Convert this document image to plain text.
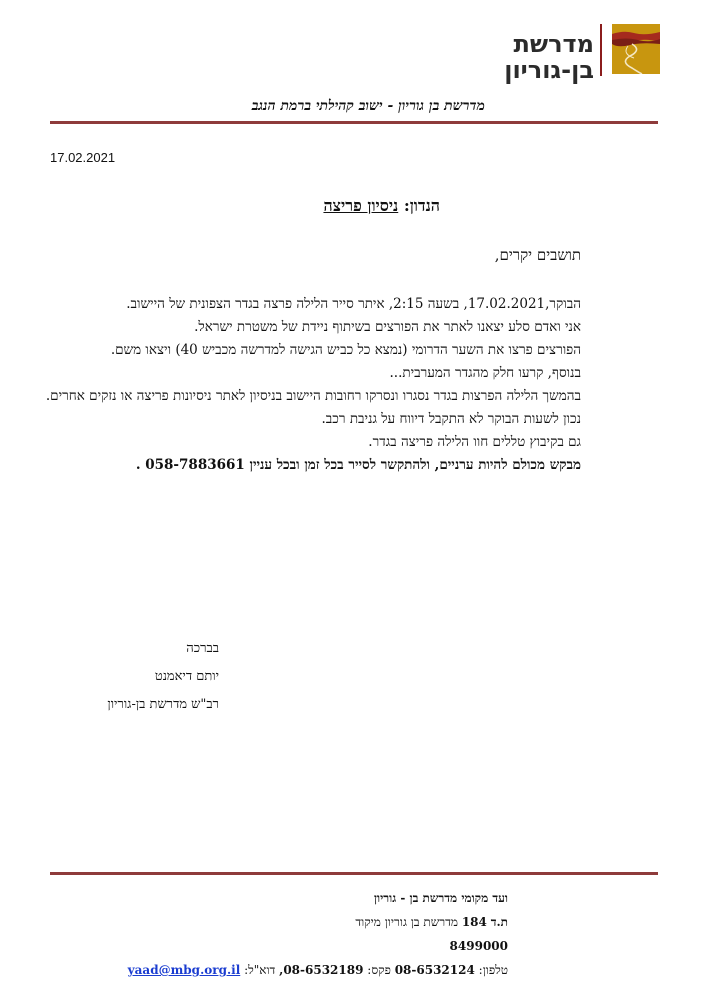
מדרשת
בן-גוריון
מדרשת בן גוריון - ישוב קהילתי ברמת הנגב
17.02.2021
הנדון: ניסיון פריצה
תושבים יקרים,

הבוקר,17.02.2021, בשעה 2:15, איתר סייר הלילה פרצה בגדר הצפונית של היישוב.

אני ואדם סלע יצאנו לאתר את הפורצים בשיתוף ניידת של משטרת ישראל.

הפורצים פרצו את השער הדרומי (נמצא כל כביש הגישה למדרשה מכביש 40) ויצאו משם.

בנוסף, קרעו חלק מהגדר המערבית...

בהמשך הלילה הפרצות בגדר נסגרו ונסרקו רחובות היישוב בניסיון לאתר ניסיונות פריצה או נזקים אחרים.

נכון לשעות הבוקר לא התקבל דיווח על גניבת רכב.

גם בקיבוץ טללים חוו הלילה פריצה בגדר.

מבקש מכולם להיות ערניים, ולהתקשר לסייר בכל זמן ובכל עניין 058-7883661 .

בברכה
יותם דיאמנט
רב"ש מדרשת בן-גוריון
ועד מקומי מדרשת בן - גוריון
ת.ד 184 מדרשת בן גוריון מיקוד
8499000
טלפון: 08-6532124 פקס: 08-6532189, דוא"ל: yaad@mbg.org.il
